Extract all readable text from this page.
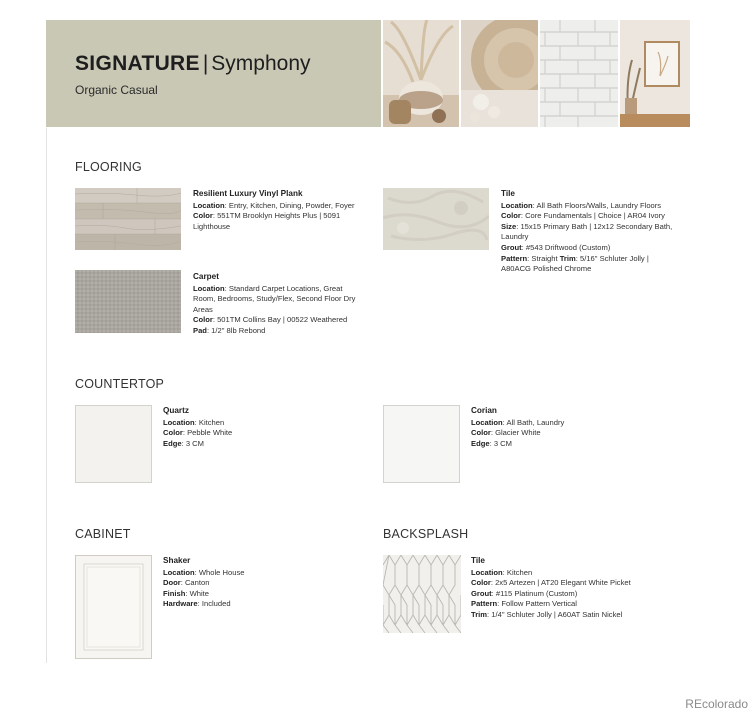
SIGNATURE | Symphony
Organic Casual
FLOORING
Resilient Luxury Vinyl Plank
Location: Entry, Kitchen, Dining, Powder, Foyer
Color: 551TM Brooklyn Heights Plus | 5091 Lighthouse
Carpet
Location: Standard Carpet Locations, Great Room, Bedrooms, Study/Flex, Second Floor Dry Areas
Color: 501TM Collins Bay | 00522 Weathered
Pad: 1/2" 8lb Rebond
Tile
Location: All Bath Floors/Walls, Laundry Floors
Color: Core Fundamentals | Choice | AR04 Ivory
Size: 15x15 Primary Bath | 12x12 Secondary Bath, Laundry
Grout: #543 Driftwood (Custom)
Pattern: Straight Trim: 5/16" Schluter Jolly | A80ACG Polished Chrome
COUNTERTOP
Quartz
Location: Kitchen
Color: Pebble White
Edge: 3 CM
Corian
Location: All Bath, Laundry
Color: Glacier White
Edge: 3 CM
CABINET
Shaker
Location: Whole House
Door: Canton
Finish: White
Hardware: Included
BACKSPLASH
Tile
Location: Kitchen
Color: 2x5 Artezen | AT20 Elegant White Picket
Grout: #115 Platinum (Custom)
Pattern: Follow Pattern Vertical
Trim: 1/4" Schluter Jolly | A60AT Satin Nickel
REcolorado
